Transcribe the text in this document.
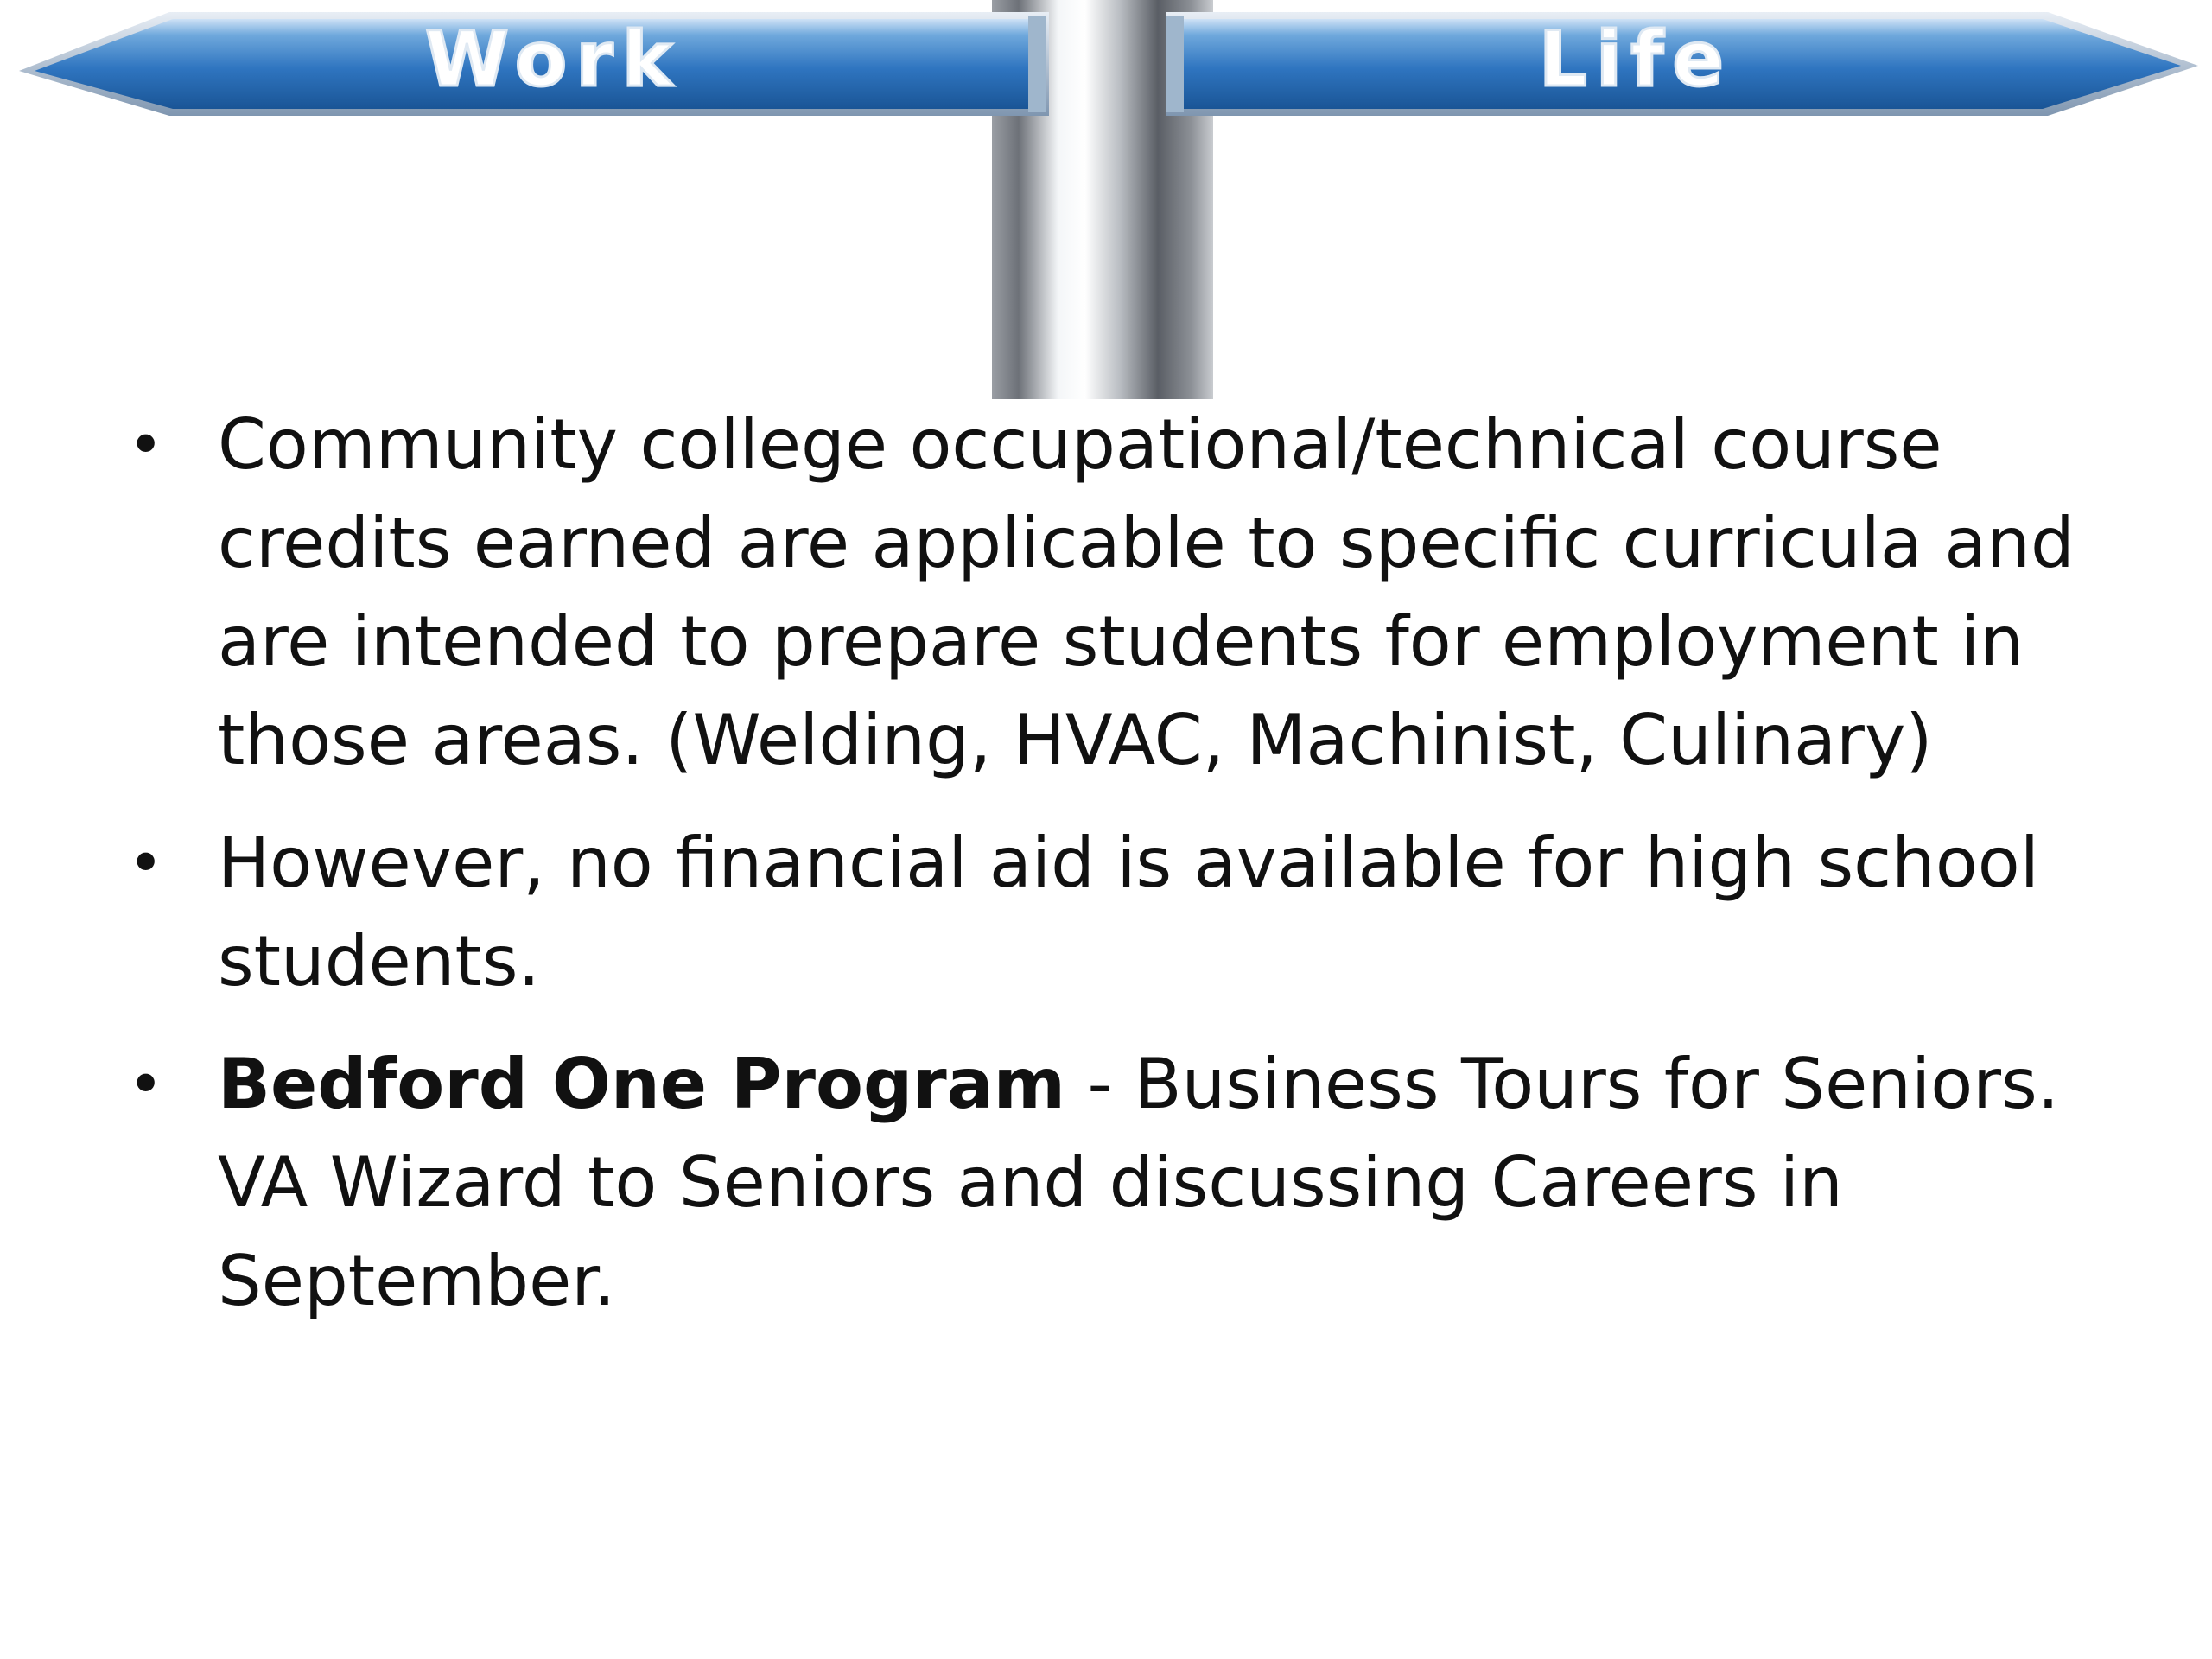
Work	Life
• Community college occupational/technical course credits earned are applicable to specific curricula and are intended to prepare students for employment in those areas. (Welding, HVAC, Machinist, Culinary)
• However, no financial aid is available for high school students.
• Bedford One Program - Business Tours for Seniors. VA Wizard to Seniors and discussing Careers in September.
